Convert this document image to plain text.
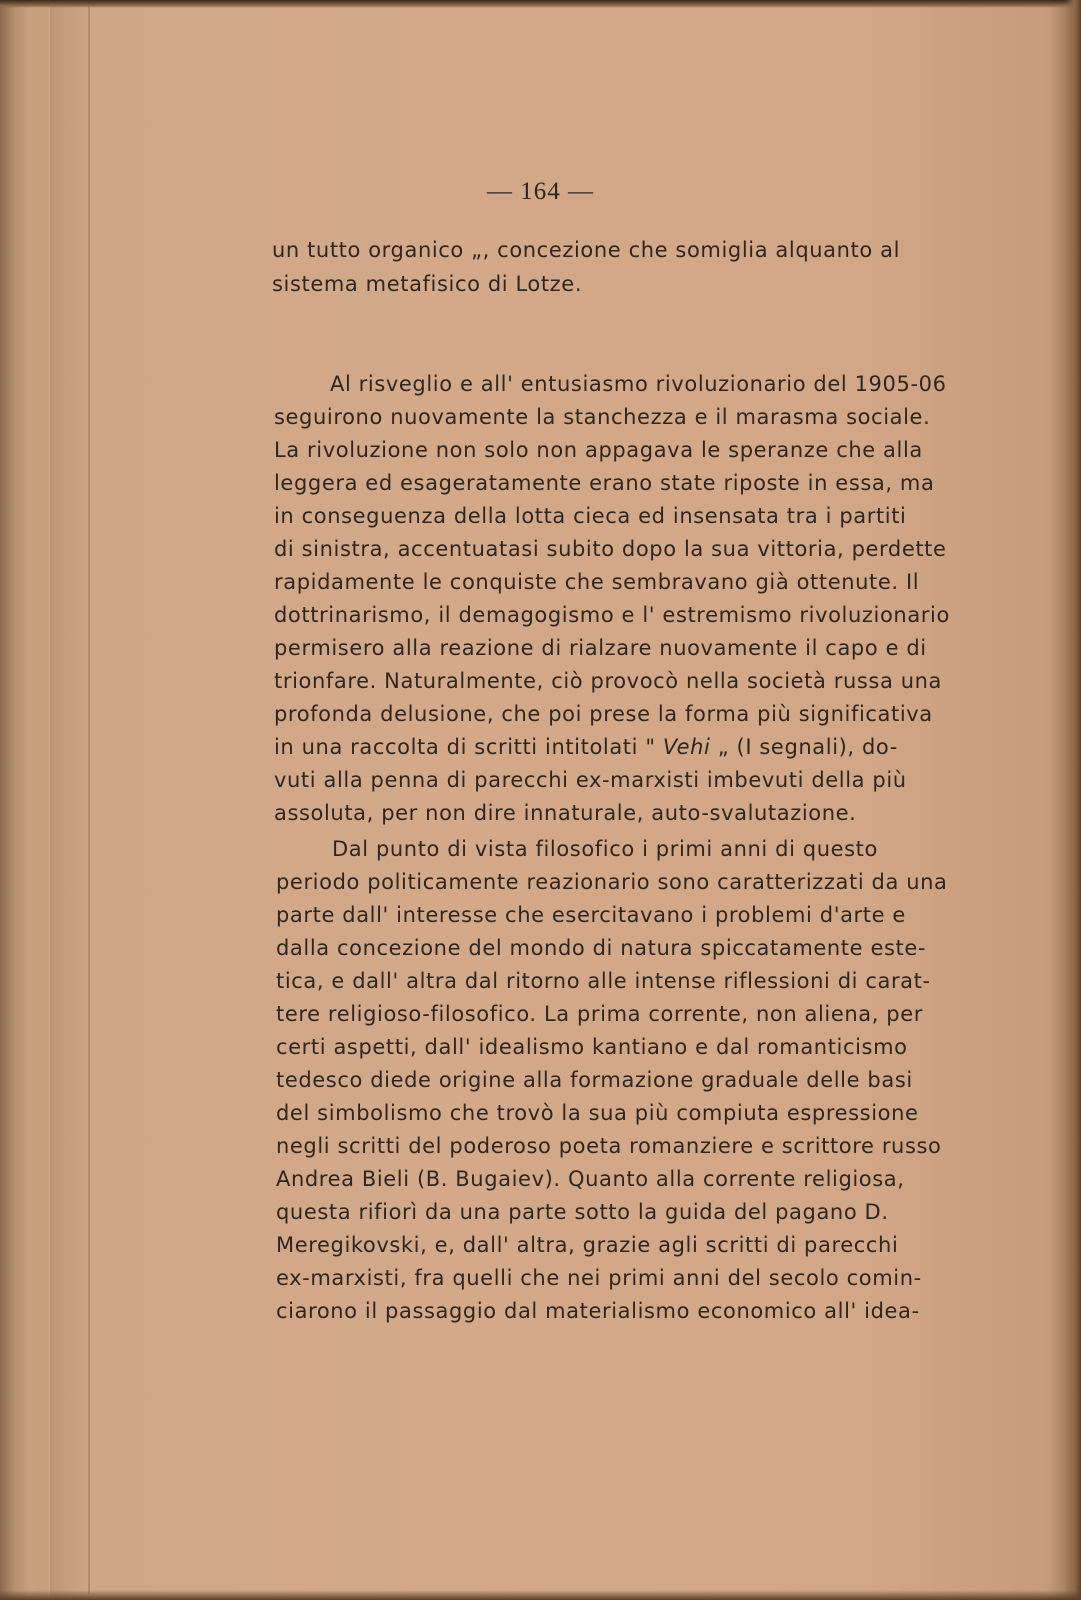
— 164 —
un tutto organico „, concezione che somiglia alquanto al
sistema metafisico di Lotze.
Al risveglio e all' entusiasmo rivoluzionario del 1905-06
seguirono nuovamente la stanchezza e il marasma sociale.
La rivoluzione non solo non appagava le speranze che alla
leggera ed esageratamente erano state riposte in essa, ma
in conseguenza della lotta cieca ed insensata tra i partiti
di sinistra, accentuatasi subito dopo la sua vittoria, perdette
rapidamente le conquiste che sembravano già ottenute. Il
dottrinarismo, il demagogismo e l' estremismo rivoluzionario
permisero alla reazione di rialzare nuovamente il capo e di
trionfare. Naturalmente, ciò provocò nella società russa una
profonda delusione, che poi prese la forma più significativa
in una raccolta di scritti intitolati " Vehi „ (I segnali), do-
vuti alla penna di parecchi ex-marxisti imbevuti della più
assoluta, per non dire innaturale, auto-svalutazione.
Dal punto di vista filosofico i primi anni di questo
periodo politicamente reazionario sono caratterizzati da una
parte dall' interesse che esercitavano i problemi d'arte e
dalla concezione del mondo di natura spiccatamente este-
tica, e dall' altra dal ritorno alle intense riflessioni di carat-
tere religioso-filosofico. La prima corrente, non aliena, per
certi aspetti, dall' idealismo kantiano e dal romanticismo
tedesco diede origine alla formazione graduale delle basi
del simbolismo che trovò la sua più compiuta espressione
negli scritti del poderoso poeta romanziere e scrittore russo
Andrea Bieli (B. Bugaiev). Quanto alla corrente religiosa,
questa rifiorì da una parte sotto la guida del pagano D.
Meregikovski, e, dall' altra, grazie agli scritti di parecchi
ex-marxisti, fra quelli che nei primi anni del secolo comin-
ciarono il passaggio dal materialismo economico all' idea-
